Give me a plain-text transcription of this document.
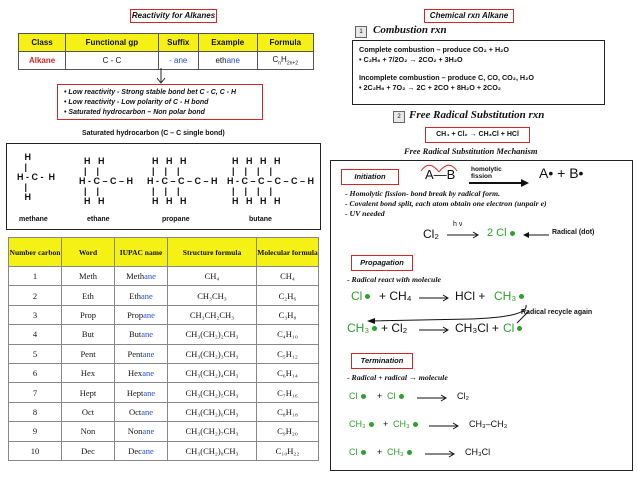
Reactivity for Alkanes
Class	Functional gp	Suffix	Example	Formula
Alkane	C - C	- ane	ethane	$C_nH_{2n+2}$
• Low reactivity - Strong stable bond bet C - C, C - H
• Low reactivity - Low polarity of C - H bond
• Saturated hydrocarbon – Non polar bond
Saturated hydrocarbon (C – C single bond)
H
|
H - C -  H
|
H
H   H
|    |
H - C – C – H
|    |
H   H
H   H   H
|    |    |
H - C – C – C – H
|    |    |
H   H   H
H   H   H   H
|    |    |    |
H - C – C – C – C – H
|    |    |    |
H   H   H   H
methane	ethane	propane	butane
Number carbon	Word	IUPAC name	Structure formula	Molecular formula
1	Meth	Methane	CH₄	CH₄
2	Eth	Ethane	CH₃CH₃	C₂H₆
3	Prop	Propane	CH₃CH₂CH₃	C₃H₈
4	But	Butane	CH₃(CH₂)₂CH₃	C₄H₁₀
5	Pent	Pentane	CH₃(CH₂)₃CH₃	C₅H₁₂
6	Hex	Hexane	CH₃(CH₂)₄CH₃	C₆H₁₄
7	Hept	Heptane	CH₃(CH₂)₅CH₃	C₇H₁₆
8	Oct	Octane	CH₃(CH₂)₆CH₃	C₈H₁₈
9	Non	Nonane	CH₃(CH₂)₇CH₃	C₉H₂₀
10	Dec	Decane	CH₃(CH₂)₈CH₃	C₁₀H₂₂
Chemical rxn Alkane
1 Combustion rxn
Complete combustion – produce CO₂ + H₂O
• C₂H₆ + 7/2O₂ → 2CO₂ + 3H₂O
Incomplete combustion – produce C, CO, CO₂, H₂O
• 2C₂H₆ + 7O₂ → 2C + 2CO + 8H₂O + 2CO₂
2 Free Radical Substitution rxn
CH₄ + Cl₂ → CH₃Cl + HCl
Free Radical Substitution Mechanism
Initiation	A—B homolytic fission	A• + B•
- Homolytic fission- bond break by radical form.
- Covalent bond split, each atom obtain one electron (unpair e)
- UV needed
Cl₂
h ν
2 Cl	Radical (dot)
Propagation
- Radical react with molecule
Cl	+ CH₄ → HCl + CH₃
Radical recycle again
CH₃ + Cl₂ → CH₃Cl + Cl
Termination
- Radical + radical → molecule
Cl	+ Cl	→ Cl₂
CH₃	+ CH₃	→ CH₃–CH₃
Cl	+ CH₃	→ CH₃Cl
